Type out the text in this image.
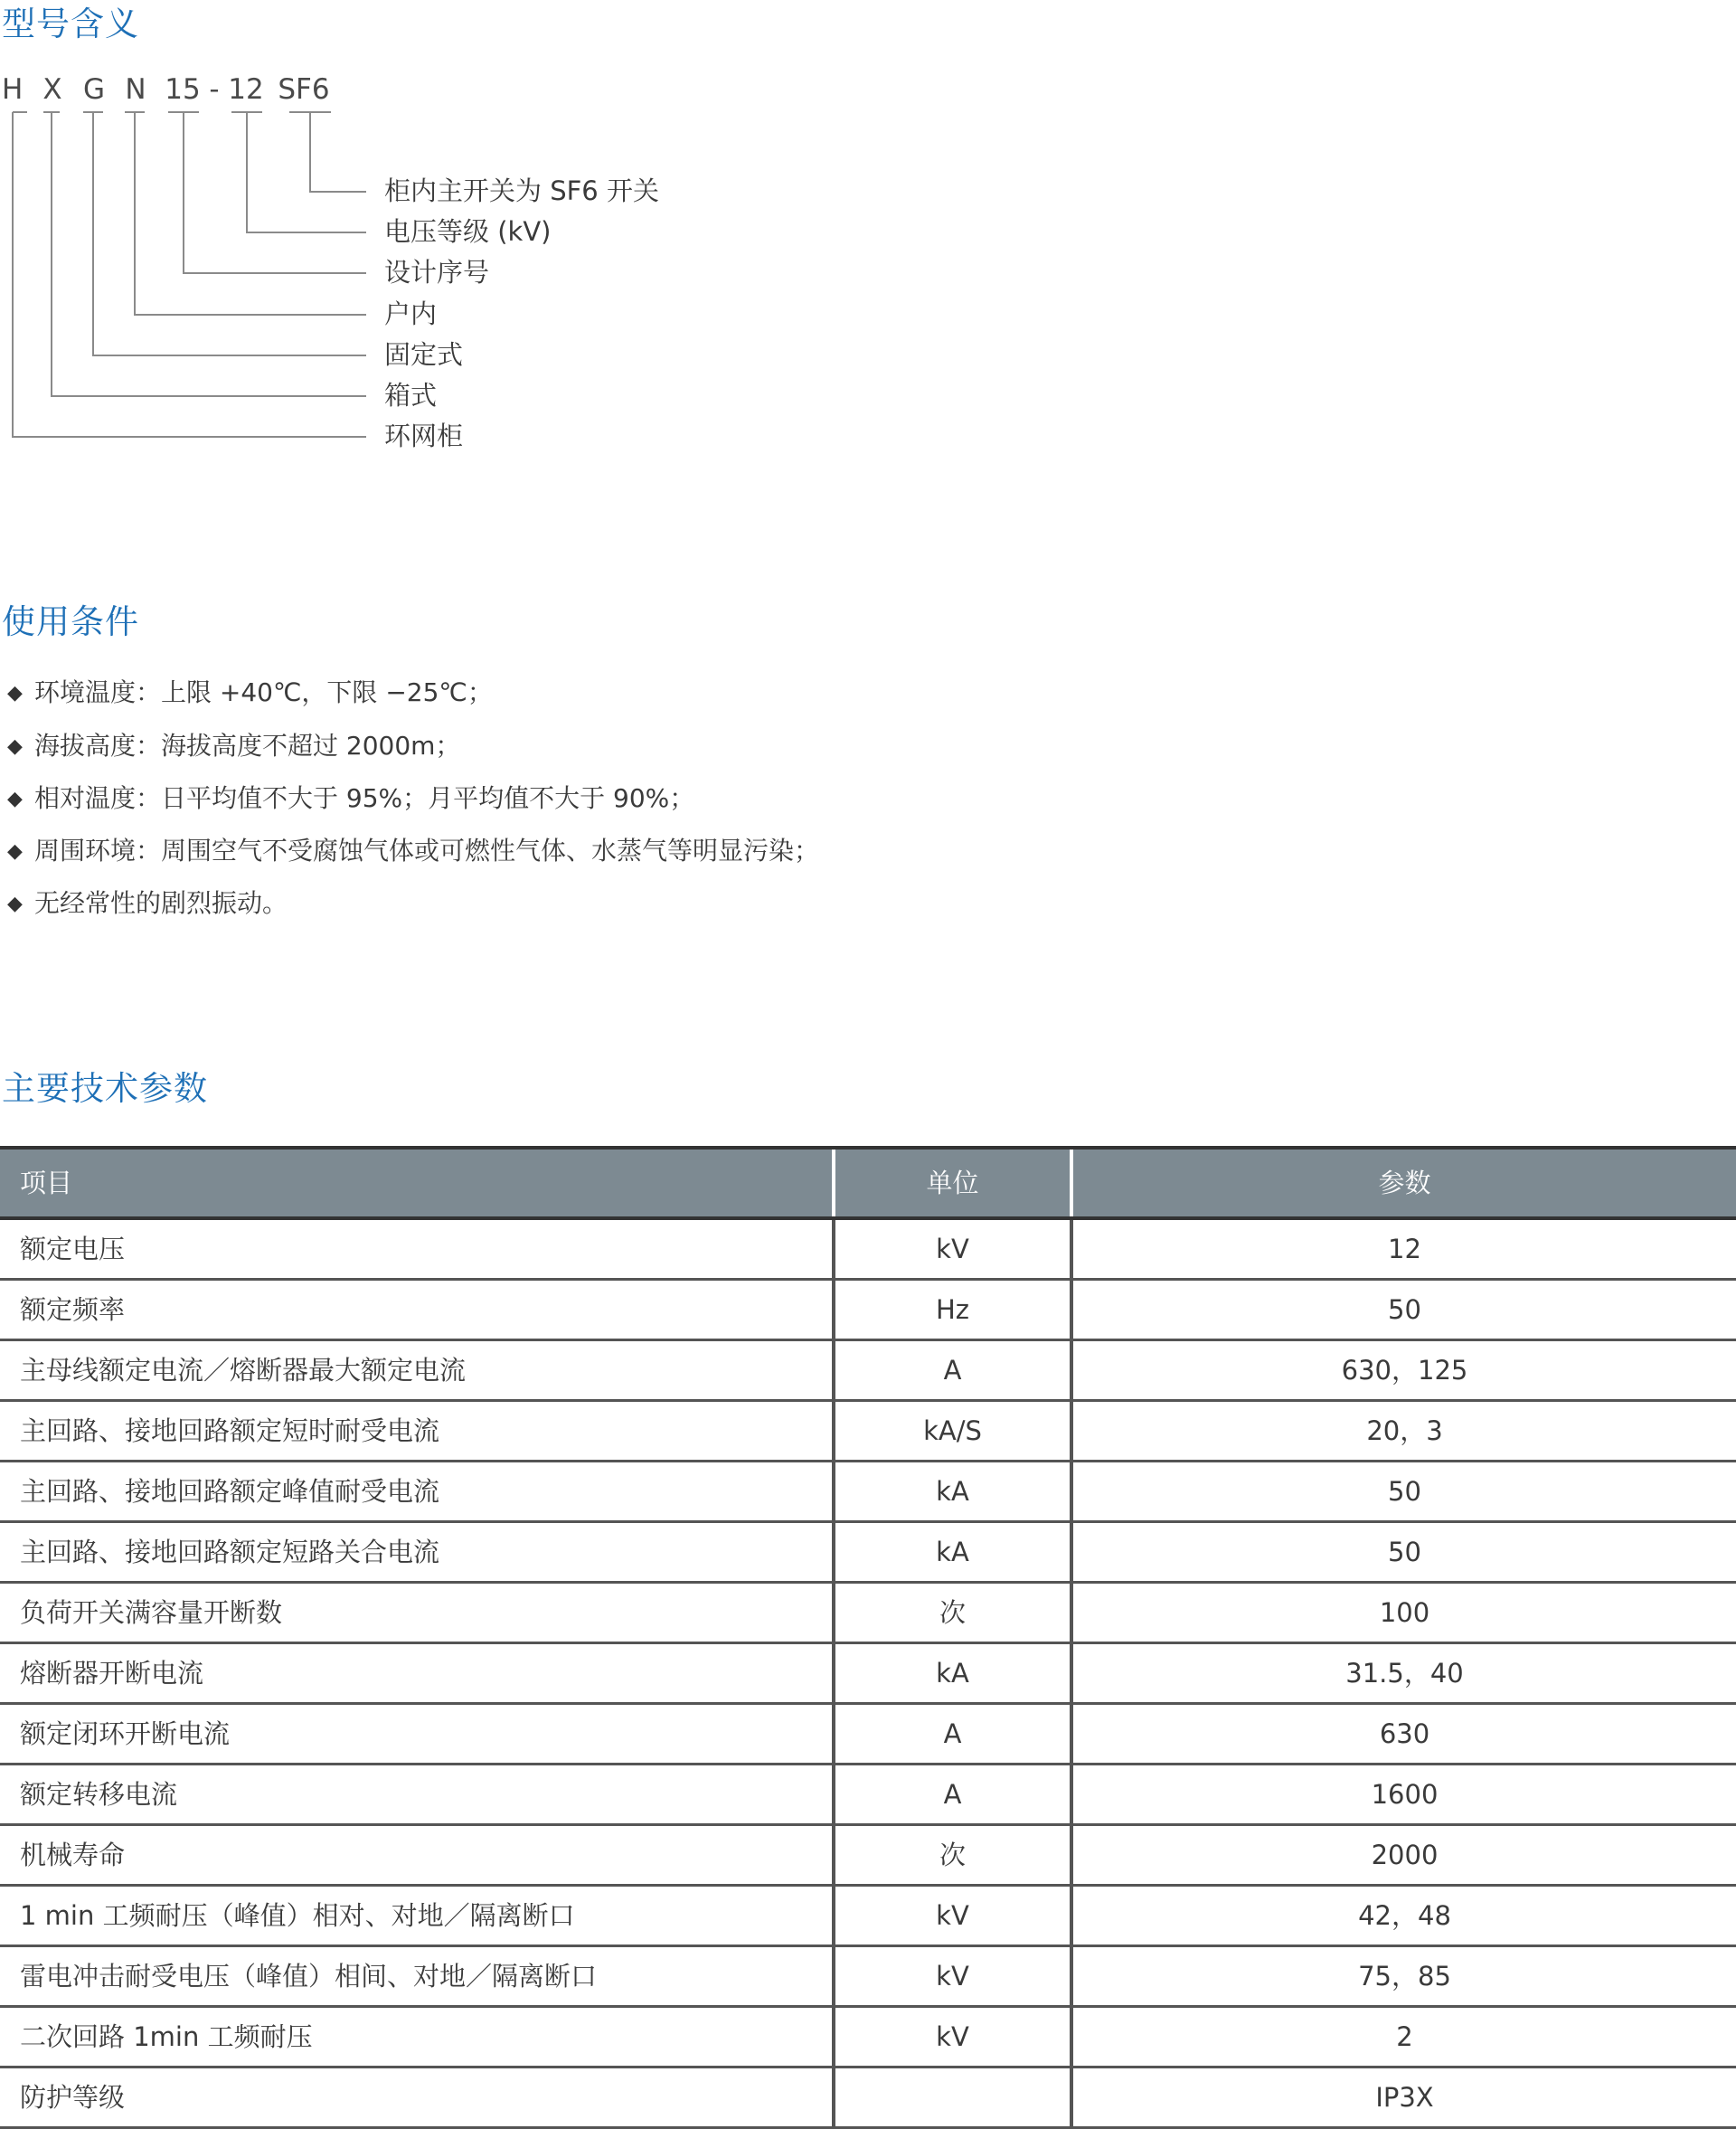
型号含义
H X G N 15 - 12 SF6
柜内主开关为 SF6 开关
电压等级 (kV)
设计序号
户内
固定式
箱式
环网柜
使用条件
◆ 环境温度：上限 +40℃，下限 −25℃；
◆ 海拔高度：海拔高度不超过 2000m；
◆ 相对温度：日平均值不大于 95%；月平均值不大于 90%；
◆ 周围环境：周围空气不受腐蚀气体或可燃性气体、水蒸气等明显污染；
◆ 无经常性的剧烈振动。
主要技术参数
项目	单位	参数
额定电压	kV	12
额定频率	Hz	50
主母线额定电流／熔断器最大额定电流	A	630，125
主回路、接地回路额定短时耐受电流	kA/S	20，3
主回路、接地回路额定峰值耐受电流	kA	50
主回路、接地回路额定短路关合电流	kA	50
负荷开关满容量开断数	次	100
熔断器开断电流	kA	31.5，40
额定闭环开断电流	A	630
额定转移电流	A	1600
机械寿命	次	2000
1 min 工频耐压（峰值）相对、对地／隔离断口	kV	42，48
雷电冲击耐受电压（峰值）相间、对地／隔离断口	kV	75，85
二次回路 1min 工频耐压	kV	2
防护等级		IP3X
